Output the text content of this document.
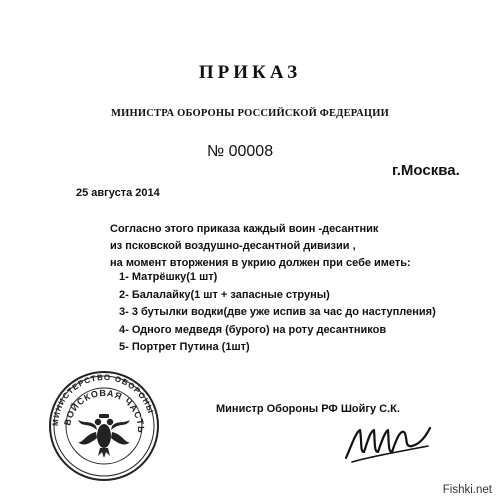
ПРИКАЗ
МИНИСТРА ОБОРОНЫ РОССИЙСКОЙ ФЕДЕРАЦИИ
№ 00008
г.Москва.
25 августа 2014
Согласно этого приказа каждый воин -десантник
из псковской воздушно-десантной дивизии ,
на момент вторжения в укрию должен при себе иметь:
1- Матрёшку(1 шт)
2- Балалайку(1 шт + запасные струны)
3- 3 бутылки водки(две уже испив за час до наступления)
4- Одного медведя (бурого) на роту десантников
5- Портрет Путина (1шт)
Министр Обороны РФ Шойгу С.К.
МИНИСТЕРСТВО ОБОРОНЫ
ВОЙСКОВАЯ ЧАСТЬ
Fishki.net
